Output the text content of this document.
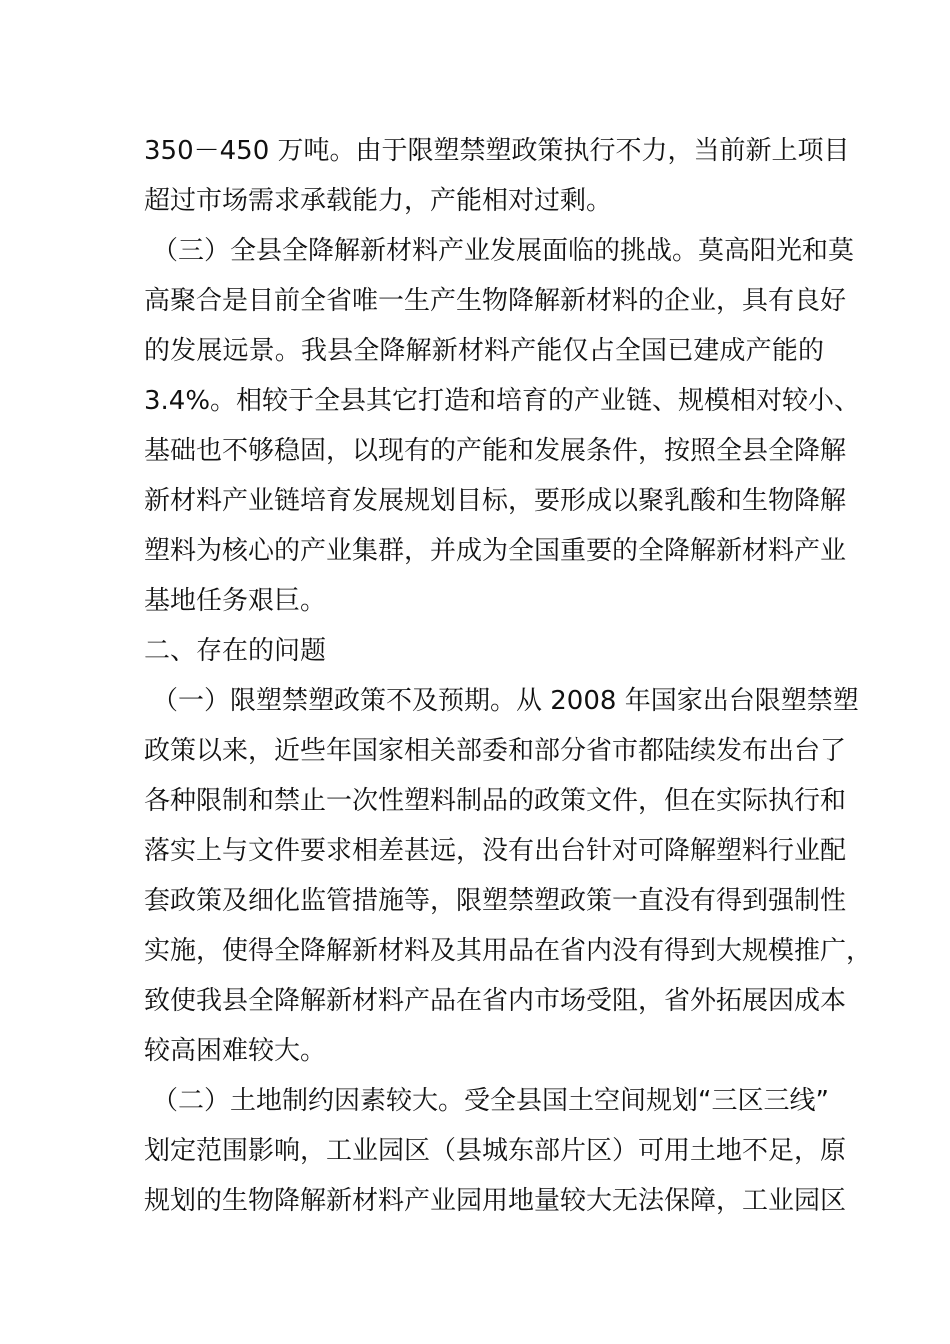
350－450 万吨。由于限塑禁塑政策执行不力，当前新上项目
超过市场需求承载能力，产能相对过剩。
（三）全县全降解新材料产业发展面临的挑战。莫高阳光和莫
高聚合是目前全省唯一生产生物降解新材料的企业，具有良好
的发展远景。我县全降解新材料产能仅占全国已建成产能的
3.4%。相较于全县其它打造和培育的产业链、规模相对较小、
基础也不够稳固，以现有的产能和发展条件，按照全县全降解
新材料产业链培育发展规划目标，要形成以聚乳酸和生物降解
塑料为核心的产业集群，并成为全国重要的全降解新材料产业
基地任务艰巨。
二、存在的问题
（一）限塑禁塑政策不及预期。从 2008 年国家出台限塑禁塑
政策以来，近些年国家相关部委和部分省市都陆续发布出台了
各种限制和禁止一次性塑料制品的政策文件，但在实际执行和
落实上与文件要求相差甚远，没有出台针对可降解塑料行业配
套政策及细化监管措施等，限塑禁塑政策一直没有得到强制性
实施，使得全降解新材料及其用品在省内没有得到大规模推广，
致使我县全降解新材料产品在省内市场受阻，省外拓展因成本
较高困难较大。
（二）土地制约因素较大。受全县国土空间规划“三区三线”
划定范围影响，工业园区（县城东部片区）可用土地不足，原
规划的生物降解新材料产业园用地量较大无法保障，工业园区
